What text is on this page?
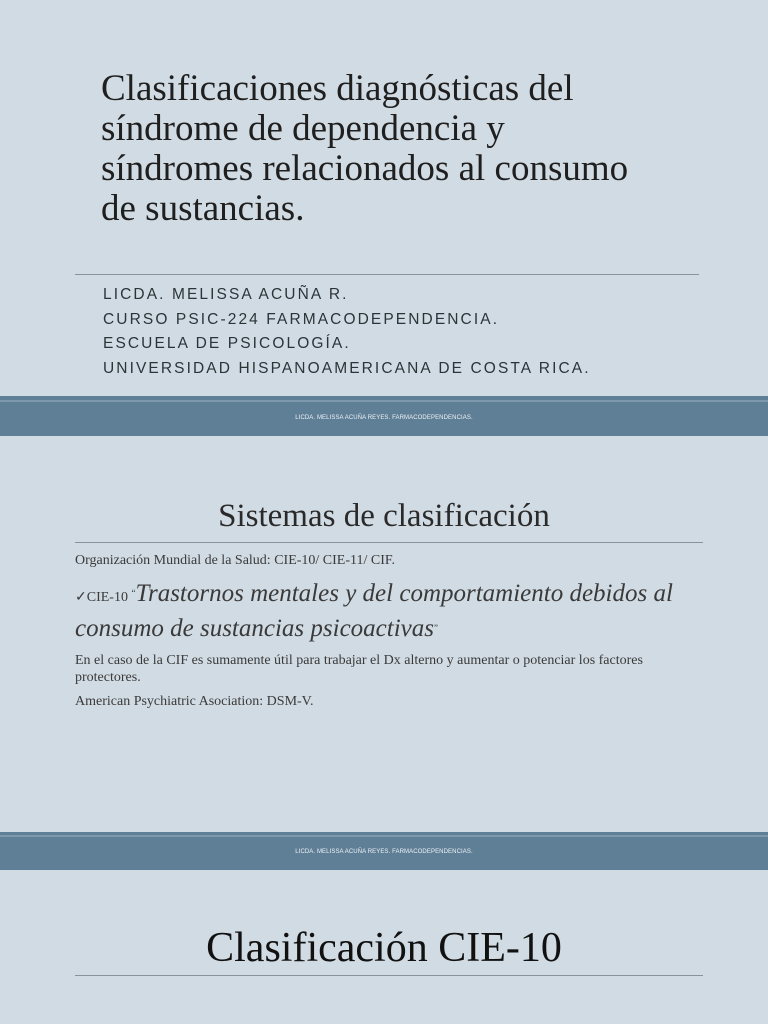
Clasificaciones diagnósticas del síndrome de dependencia y síndromes relacionados al consumo de sustancias.
LICDA. MELISSA ACUÑA R.
CURSO PSIC-224 FARMACODEPENDENCIA.
ESCUELA DE PSICOLOGÍA.
UNIVERSIDAD HISPANOAMERICANA DE COSTA RICA.
LICDA. MELISSA ACUÑA REYES. FARMACODEPENDENCIAS.
Sistemas de clasificación

Organización Mundial de la Salud: CIE-10/ CIE-11/ CIF.

✓CIE-10 “Trastornos mentales y del comportamiento debidos al consumo de sustancias psicoactivas”

En el caso de la CIF es sumamente útil para trabajar el Dx alterno y aumentar o potenciar los factores protectores.

American Psychiatric Asociation: DSM-V.

LICDA. MELISSA ACUÑA REYES. FARMACODEPENDENCIAS.
Clasificación CIE-10
